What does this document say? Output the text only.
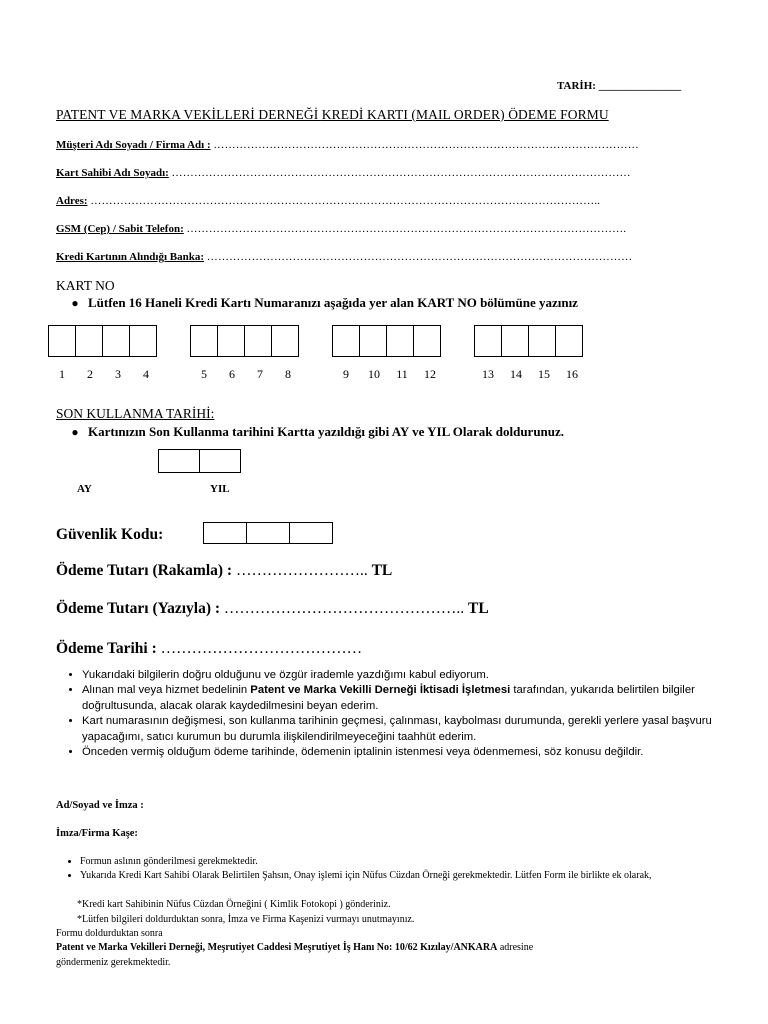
TARİH: _______________
PATENT VE MARKA VEKİLLERİ DERNEĞİ KREDİ KARTI (MAIL ORDER) ÖDEME FORMU
Müşteri Adı Soyadı / Firma Adı : ……………………………………………………………………………………………………
Kart Sahibi Adı Soyadı: ……………………………………………………………………………………………………………
Adres: ………………………………………………………………………………………………………………………..
GSM (Cep) / Sabit Telefon: ……………………………………………………………………………………………………….
Kredi Kartının Alındığı Banka: ……………………………………………………………………………………………………
KART NO
● Lütfen 16 Haneli Kredi Kartı Numaranızı aşağıda yer alan KART NO bölümüne yazınız
1	2	3	4	5	6	7	8	9	10	11	12	13	14	15	16
SON KULLANMA TARİHİ:
● Kartınızın Son Kullanma tarihini Kartta yazıldığı gibi AY ve YIL Olarak doldurunuz.
AY	YIL
Güvenlik Kodu:
Ödeme Tutarı (Rakamla) : …………………….. TL
Ödeme Tutarı (Yazıyla) : ……………………………………….. TL
Ödeme Tarihi : …………………………………
• Yukarıdaki bilgilerin doğru olduğunu ve özgür irademle yazdığımı kabul ediyorum.
• Alınan mal veya hizmet bedelinin Patent ve Marka Vekilli Derneği İktisadi İşletmesi tarafından, yukarıda belirtilen bilgiler doğrultusunda, alacak olarak kaydedilmesini beyan ederim.
• Kart numarasının değişmesi, son kullanma tarihinin geçmesi, çalınması, kaybolması durumunda, gerekli yerlere yasal başvuru yapacağımı, satıcı kurumun bu durumla ilişkilendirilmeyeceğini taahhüt ederim.
• Önceden vermiş olduğum ödeme tarihinde, ödemenin iptalinin istenmesi veya ödenmemesi, söz konusu değildir.
Ad/Soyad ve İmza :
İmza/Firma Kaşe:
• Formun aslının gönderilmesi gerekmektedir.
• Yukarıda Kredi Kart Sahibi Olarak Belirtilen Şahsın, Onay işlemi için Nüfus Cüzdan Örneği gerekmektedir. Lütfen Form ile birlikte ek olarak,
*Kredi kart Sahibinin Nüfus Cüzdan Örneğini ( Kimlik Fotokopi ) gönderiniz.
*Lütfen bilgileri doldurduktan sonra, İmza ve Firma Kaşenizi vurmayı unutmayınız.
Formu doldurduktan sonra
Patent ve Marka Vekilleri Derneği, Meşrutiyet Caddesi Meşrutiyet İş Hanı No: 10/62 Kızılay/ANKARA adresine
göndermeniz gerekmektedir.
